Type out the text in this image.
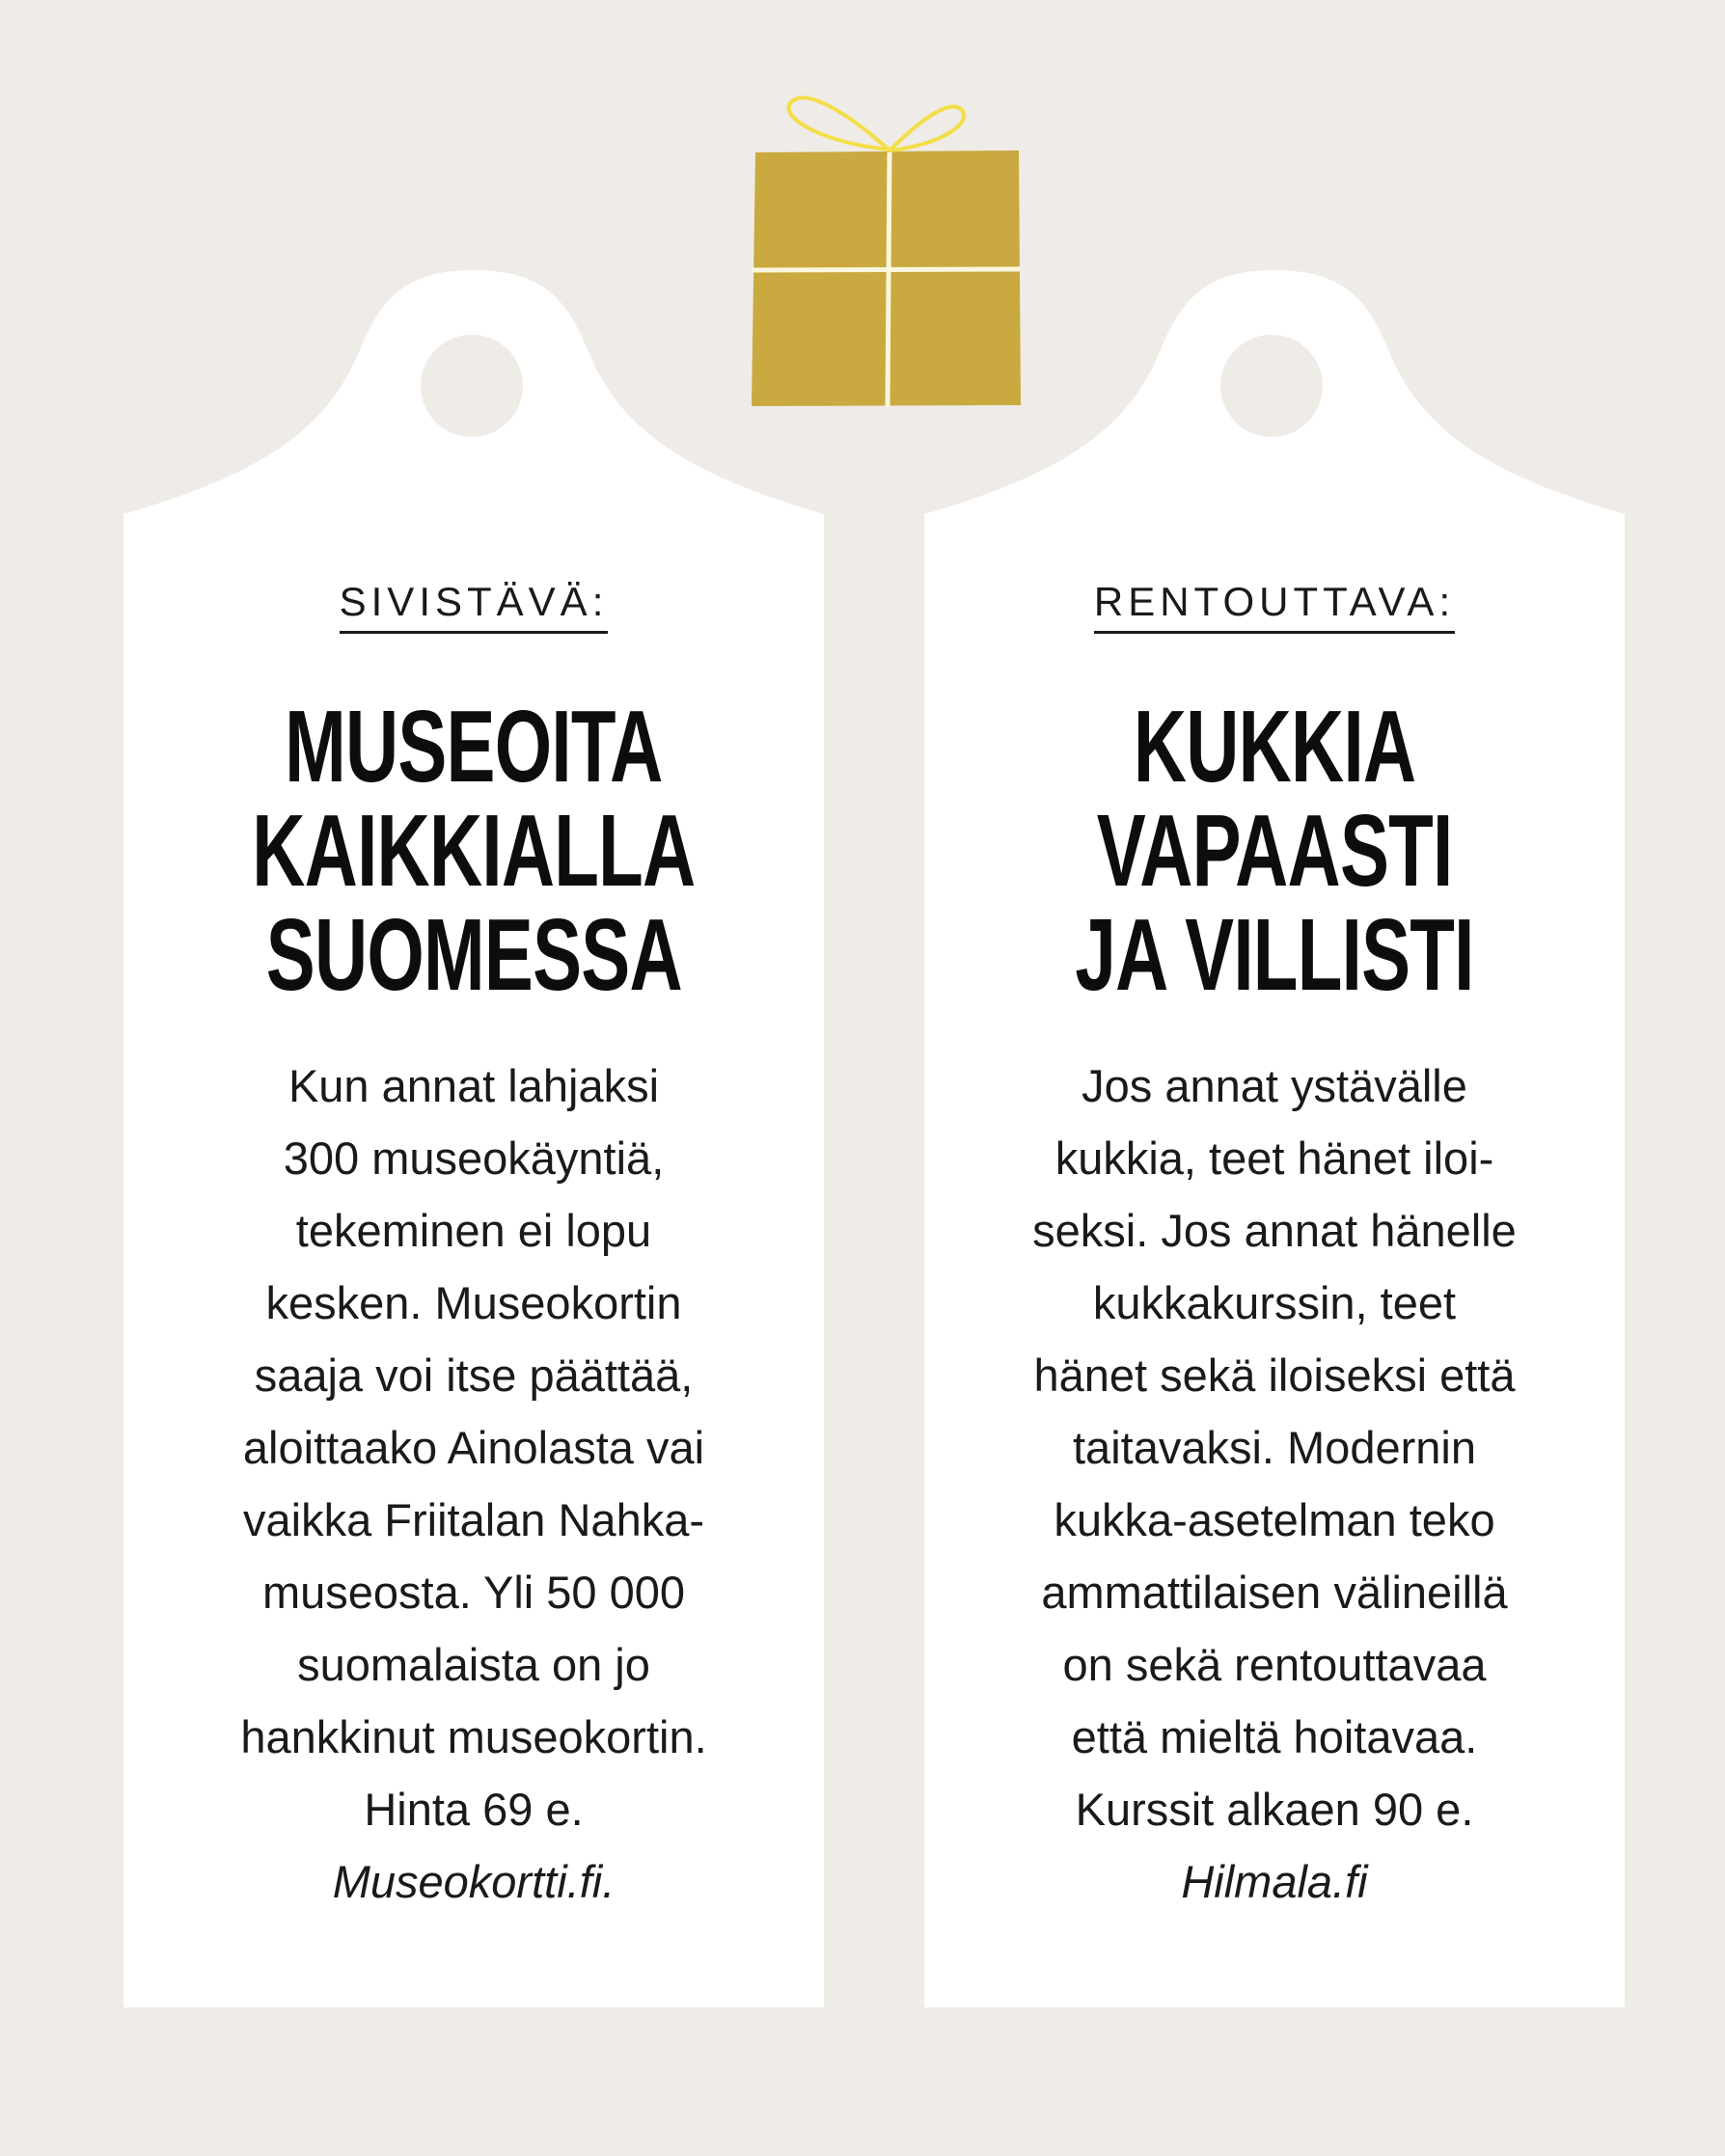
SIVISTÄVÄ:
MUSEOITA
KAIKKIALLA
SUOMESSA
Kun annat lahjaksi
300 museokäyntiä,
tekeminen ei lopu
kesken. Museokortin
saaja voi itse päättää,
aloittaako Ainolasta vai
vaikka Friitalan Nahka-
museosta. Yli 50 000
suomalaista on jo
hankkinut museokortin.
Hinta 69 e.
Museokortti.fi.
RENTOUTTAVA:
KUKKIA
VAPAASTI
JA VILLISTI
Jos annat ystävälle
kukkia, teet hänet iloi-
seksi. Jos annat hänelle
kukkakurssin, teet
hänet sekä iloiseksi että
taitavaksi. Modernin
kukka-asetelman teko
ammattilaisen välineillä
on sekä rentouttavaa
että mieltä hoitavaa.
Kurssit alkaen 90 e.
Hilmala.fi
